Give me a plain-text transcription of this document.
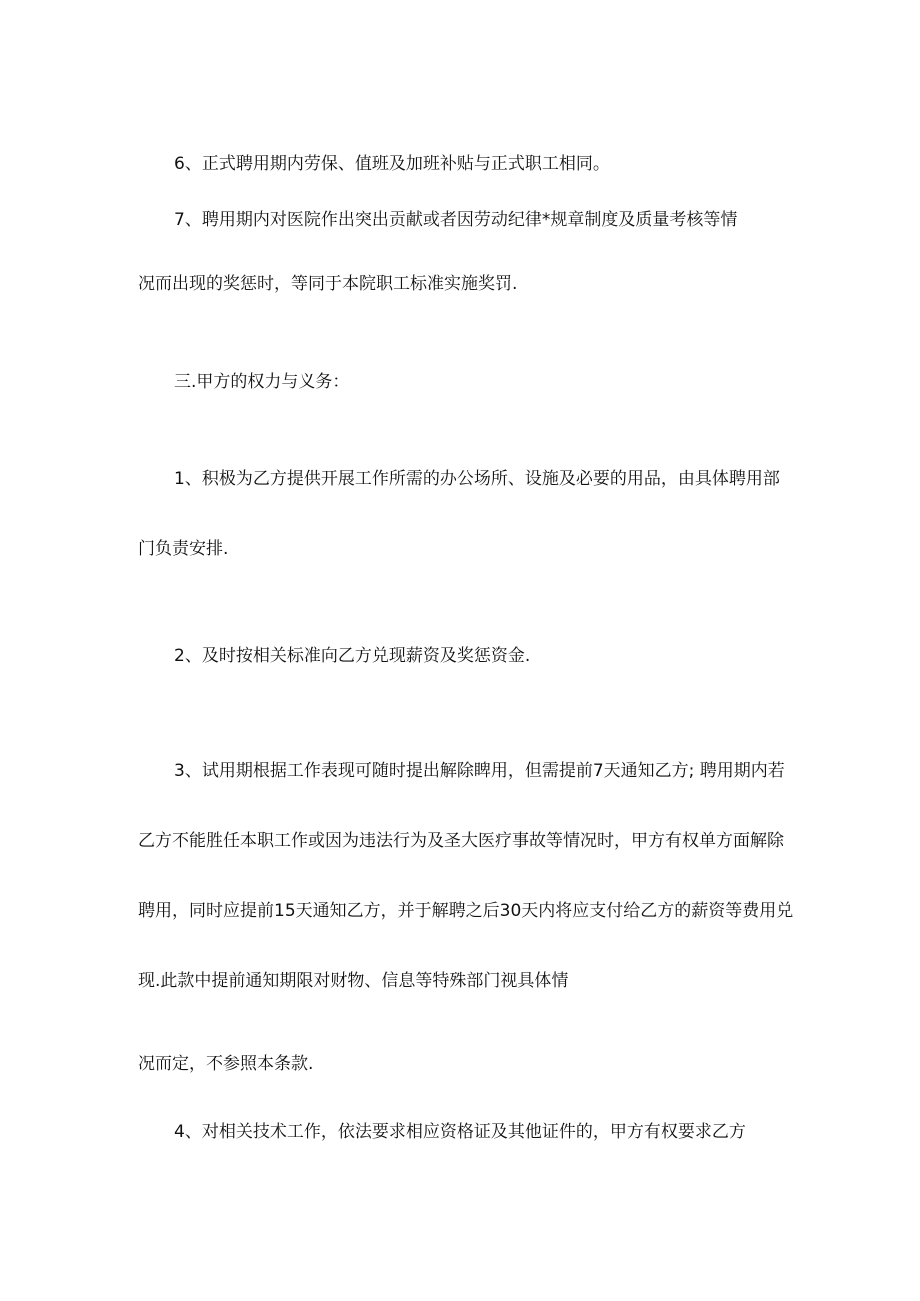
6、正式聘用期内劳保、值班及加班补贴与正式职工相同。
7、聘用期内对医院作出突出贡献或者因劳动纪律*规章制度及质量考核等情
况而出现的奖惩时，等同于本院职工标准实施奖罚.
三.甲方的权力与义务：
1、积极为乙方提供开展工作所需的办公场所、设施及必要的用品，由具体聘用部
门负责安排.
2、及时按相关标准向乙方兑现薪资及奖惩资金.
3、试用期根据工作表现可随时提出解除睥用，但需提前7天通知乙方; 聘用期内若
乙方不能胜任本职工作或因为违法行为及圣大医疗事故等情况时，甲方有权单方面解除
聘用，同时应提前15天通知乙方，并于解聘之后30天内将应支付给乙方的薪资等费用兑
现.此款中提前通知期限对财物、信息等特殊部门视具体情
况而定，不参照本条款.
4、对相关技术工作，依法要求相应资格证及其他证件的，甲方有权要求乙方
